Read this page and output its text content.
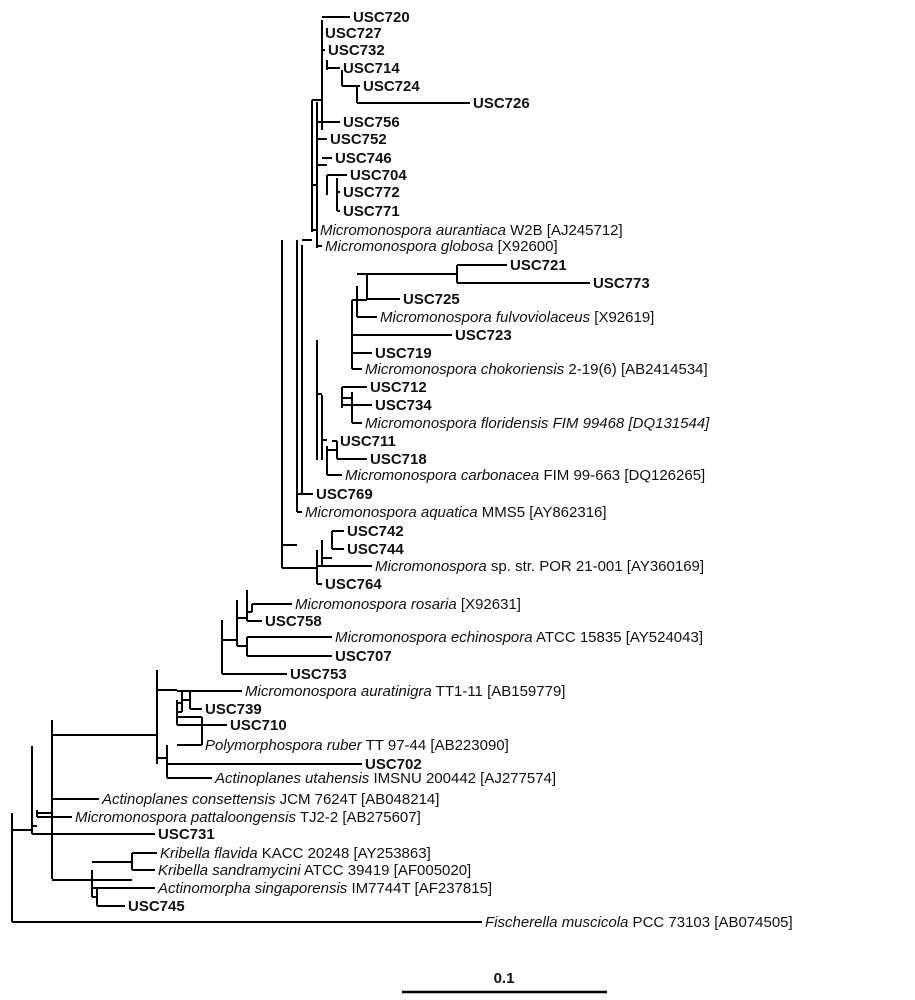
USC720
USC727
USC732
USC714
USC724
USC726
USC756
USC752
USC746
USC704
USC772
USC771
Micromonospora aurantiaca W2B [AJ245712]
Micromonospora globosa [X92600]
USC721
USC773
USC725
Micromonospora fulvoviolaceus [X92619]
USC723
USC719
Micromonospora chokoriensis 2-19(6) [AB2414534]
USC712
USC734
Micromonospora floridensis FIM 99468 [DQ131544]
USC711
USC718
Micromonospora carbonacea FIM 99-663 [DQ126265]
USC769
Micromonospora aquatica MMS5 [AY862316]
USC742
USC744
Micromonospora sp. str. POR 21-001 [AY360169]
USC764
Micromonospora rosaria [X92631]
USC758
Micromonospora echinospora ATCC 15835 [AY524043]
USC707
USC753
Micromonospora auratinigra TT1-11 [AB159779]
USC739
USC710
Polymorphospora ruber TT 97-44 [AB223090]
USC702
Actinoplanes utahensis IMSNU 200442 [AJ277574]
Actinoplanes consettensis JCM 7624T [AB048214]
Micromonospora pattaloongensis TJ2-2 [AB275607]
USC731
Kribella flavida KACC 20248 [AY253863]
Kribella sandramycini ATCC 39419 [AF005020]
Actinomorpha singaporensis IM7744T [AF237815]
USC745
Fischerella muscicola PCC 73103 [AB074505]
0.1
